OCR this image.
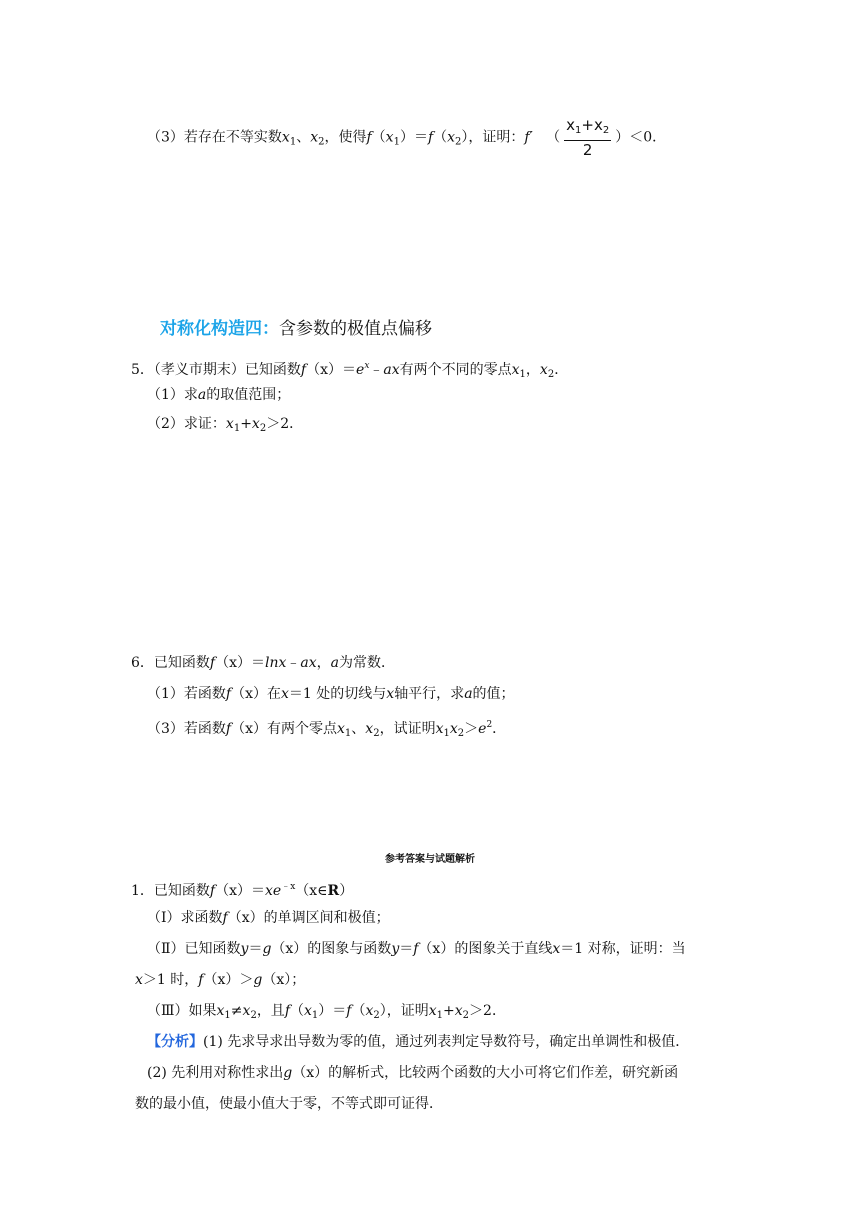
（3）若存在不等实数$x_1$、$x_2$，使得$f(x_1)=f(x_2)$，证明：f′ （ $\frac{x_1+x_2}{2} )<0$．
对称化构造四：含参数的极值点偏移
5．（孝义市期末）已知函数$f(x)=e^x﹣ax$有两个不同的零点$x_1$，$x_2$．
（1）求a的取值范围；
（2）求证：$x_1+x_2>2$．
6．已知函数f（x）＝lnx﹣ax，a为常数．
（1）若函数f（x）在x＝1 处的切线与x轴平行，求a的值；
（3）若函数f（x）有两个零点$x_1$、$x_2$，试证明$x_1x_2>e^2$．
参考答案与试题解析
1．已知函数$f(x)=xe^{﹣x}(x\in R)$
（Ⅰ）求函数f（x）的单调区间和极值；
（Ⅱ）已知函数y＝g（x）的图象与函数y＝f（x）的图象关于直线x＝1 对称，证明：当
x＞1 时，f（x）＞g（x）；
（Ⅲ）如果$x_1\ne x_2$，且$f(x_1)=f(x_2)$，证明$x_1+x_2>2$．
【分析】(1) 先求导求出导数为零的值，通过列表判定导数符号，确定出单调性和极值．
(2) 先利用对称性求出g（x）的解析式，比较两个函数的大小可将它们作差，研究新函
数的最小值，使最小值大于零，不等式即可证得．
